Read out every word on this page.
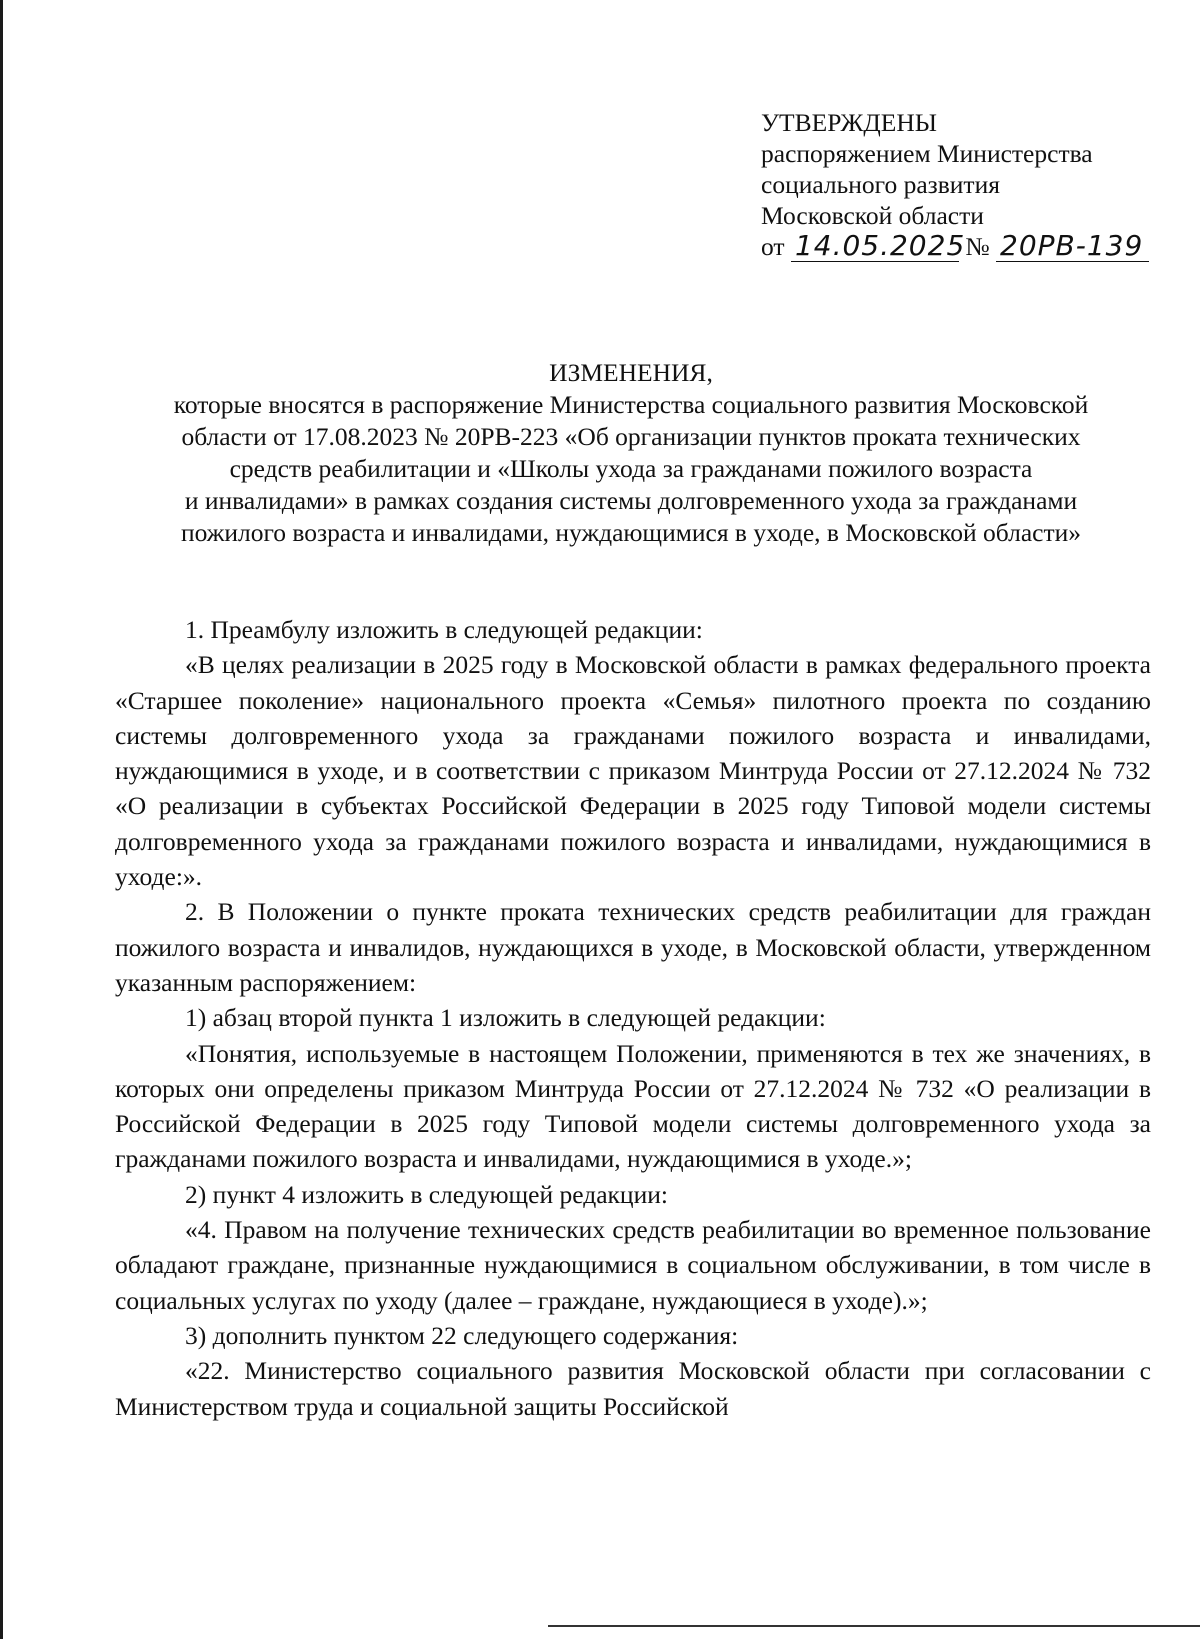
УТВЕРЖДЕНЫ
распоряжением Министерства
социального развития
Московской области
от 14.05.2025 № 20РВ-139
ИЗМЕНЕНИЯ,
которые вносятся в распоряжение Министерства социального развития Московской
области от 17.08.2023 № 20РВ-223 «Об организации пунктов проката технических
средств реабилитации и «Школы ухода за гражданами пожилого возраста
и инвалидами» в рамках создания системы долговременного ухода за гражданами
пожилого возраста и инвалидами, нуждающимися в уходе, в Московской области»

1. Преамбулу изложить в следующей редакции:

«В целях реализации в 2025 году в Московской области в рамках федерального проекта «Старшее поколение» национального проекта «Семья» пилотного проекта по созданию системы долговременного ухода за гражданами пожилого возраста и инвалидами, нуждающимися в уходе, и в соответствии с приказом Минтруда России от 27.12.2024 № 732 «О реализации в субъектах Российской Федерации в 2025 году Типовой модели системы долговременного ухода за гражданами пожилого возраста и инвалидами, нуждающимися в уходе:».

2. В Положении о пункте проката технических средств реабилитации для граждан пожилого возраста и инвалидов, нуждающихся в уходе, в Московской области, утвержденном указанным распоряжением:

1) абзац второй пункта 1 изложить в следующей редакции:

«Понятия, используемые в настоящем Положении, применяются в тех же значениях, в которых они определены приказом Минтруда России от 27.12.2024 № 732 «О реализации в Российской Федерации в 2025 году Типовой модели системы долговременного ухода за гражданами пожилого возраста и инвалидами, нуждающимися в уходе.»;

2) пункт 4 изложить в следующей редакции:

«4. Правом на получение технических средств реабилитации во временное пользование обладают граждане, признанные нуждающимися в социальном обслуживании, в том числе в социальных услугах по уходу (далее – граждане, нуждающиеся в уходе).»;

3) дополнить пунктом 22 следующего содержания:

«22. Министерство социального развития Московской области при согласовании с Министерством труда и социальной защиты Российской
